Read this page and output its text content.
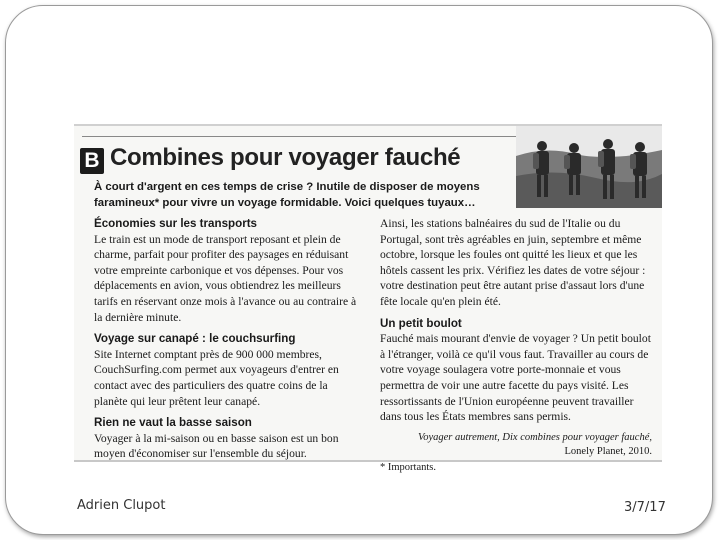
B Combines pour voyager fauché
À court d'argent en ces temps de crise ? Inutile de disposer de moyens faramineux* pour vivre un voyage formidable. Voici quelques tuyaux…
Économies sur les transports

Le train est un mode de transport reposant et plein de charme, parfait pour profiter des paysages en réduisant votre empreinte carbonique et vos dépenses. Pour vos déplacements en avion, vous obtiendrez les meilleurs tarifs en réservant onze mois à l'avance ou au contraire à la dernière minute.

Voyage sur canapé : le couchsurfing

Site Internet comptant près de 900 000 membres, CouchSurfing.com permet aux voyageurs d'entrer en contact avec des particuliers des quatre coins de la planète qui leur prêtent leur canapé.

Rien ne vaut la basse saison

Voyager à la mi-saison ou en basse saison est un bon moyen d'économiser sur l'ensemble du séjour.

Ainsi, les stations balnéaires du sud de l'Italie ou du Portugal, sont très agréables en juin, septembre et même octobre, lorsque les foules ont quitté les lieux et que les hôtels cassent les prix. Vérifiez les dates de votre séjour : votre destination peut être autant prise d'assaut lors d'une fête locale qu'en plein été.

Un petit boulot

Fauché mais mourant d'envie de voyager ? Un petit boulot à l'étranger, voilà ce qu'il vous faut. Travailler au cours de votre voyage soulagera votre porte-monnaie et vous permettra de voir une autre facette du pays visité. Les ressortissants de l'Union européenne peuvent travailler dans tous les États membres sans permis.

Voyager autrement, Dix combines pour voyager fauché,
Lonely Planet, 2010.
* Importants.
Adrien Clupot	3/7/17
